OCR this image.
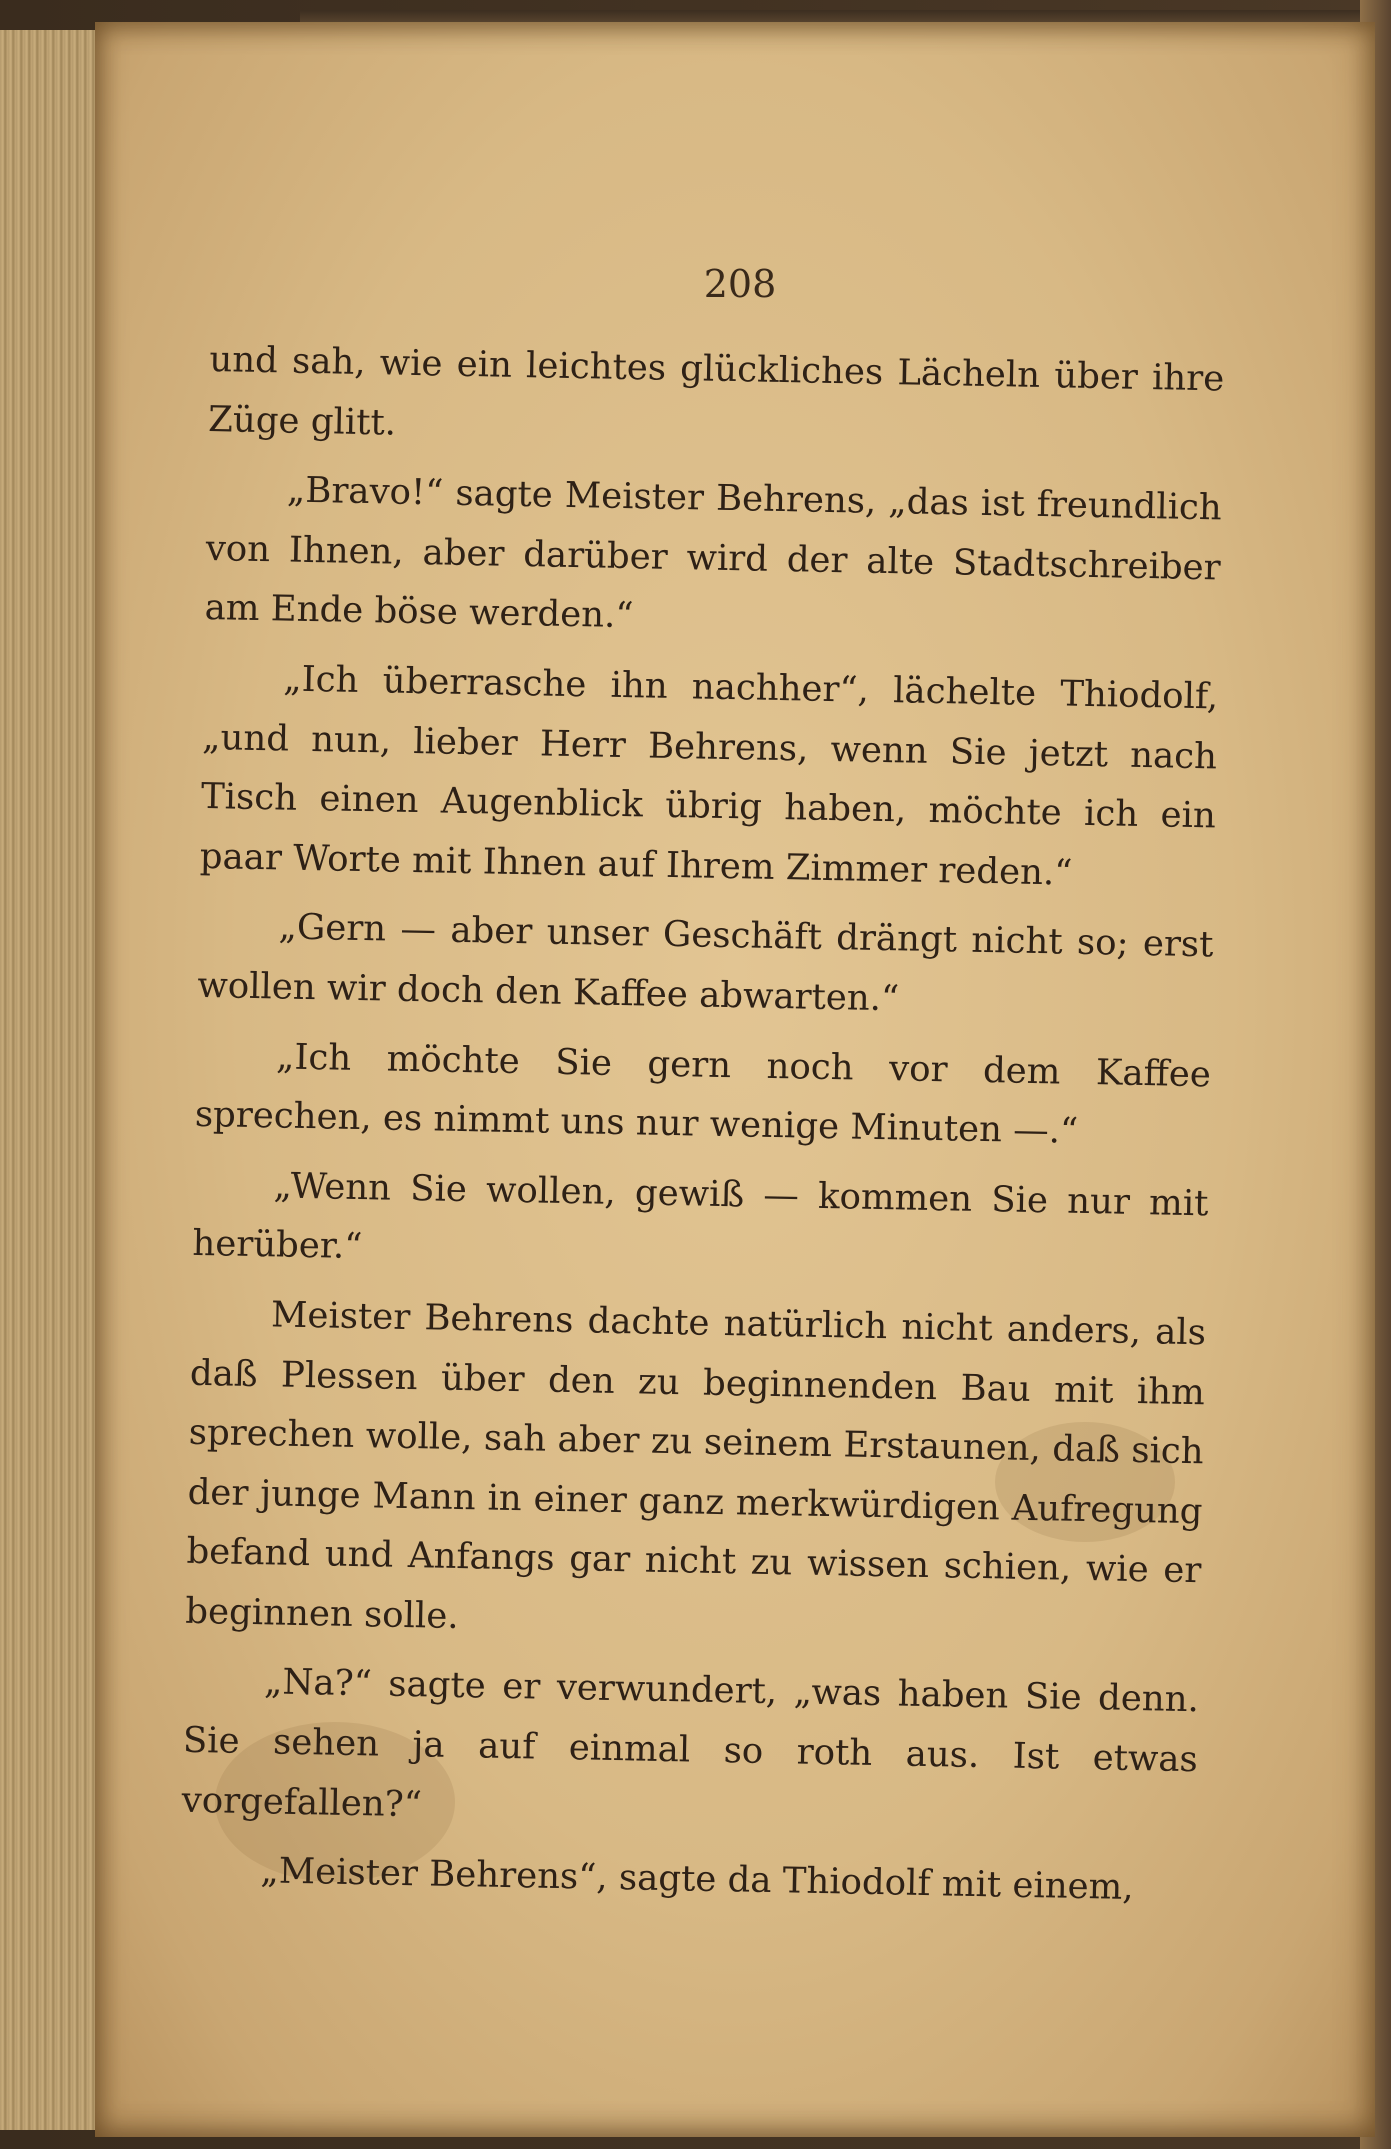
208

und sah, wie ein leichtes glückliches Lächeln über ihre Züge glitt.

„Bravo!“ sagte Meister Behrens, „das ist freundlich von Ihnen, aber darüber wird der alte Stadtschreiber am Ende böse werden.“

„Ich überrasche ihn nachher“, lächelte Thiodolf, „und nun, lieber Herr Behrens, wenn Sie jetzt nach Tisch einen Augenblick übrig haben, möchte ich ein paar Worte mit Ihnen auf Ihrem Zimmer reden.“

„Gern — aber unser Geschäft drängt nicht so; erst wollen wir doch den Kaffee abwarten.“

„Ich möchte Sie gern noch vor dem Kaffee sprechen, es nimmt uns nur wenige Minuten —.“

„Wenn Sie wollen, gewiß — kommen Sie nur mit herüber.“

Meister Behrens dachte natürlich nicht anders, als daß Plessen über den zu beginnenden Bau mit ihm sprechen wolle, sah aber zu seinem Erstaunen, daß sich der junge Mann in einer ganz merkwürdigen Aufregung befand und Anfangs gar nicht zu wissen schien, wie er beginnen solle.

„Na?“ sagte er verwundert, „was haben Sie denn. Sie sehen ja auf einmal so roth aus. Ist etwas vorgefallen?“

„Meister Behrens“, sagte da Thiodolf mit einem,
